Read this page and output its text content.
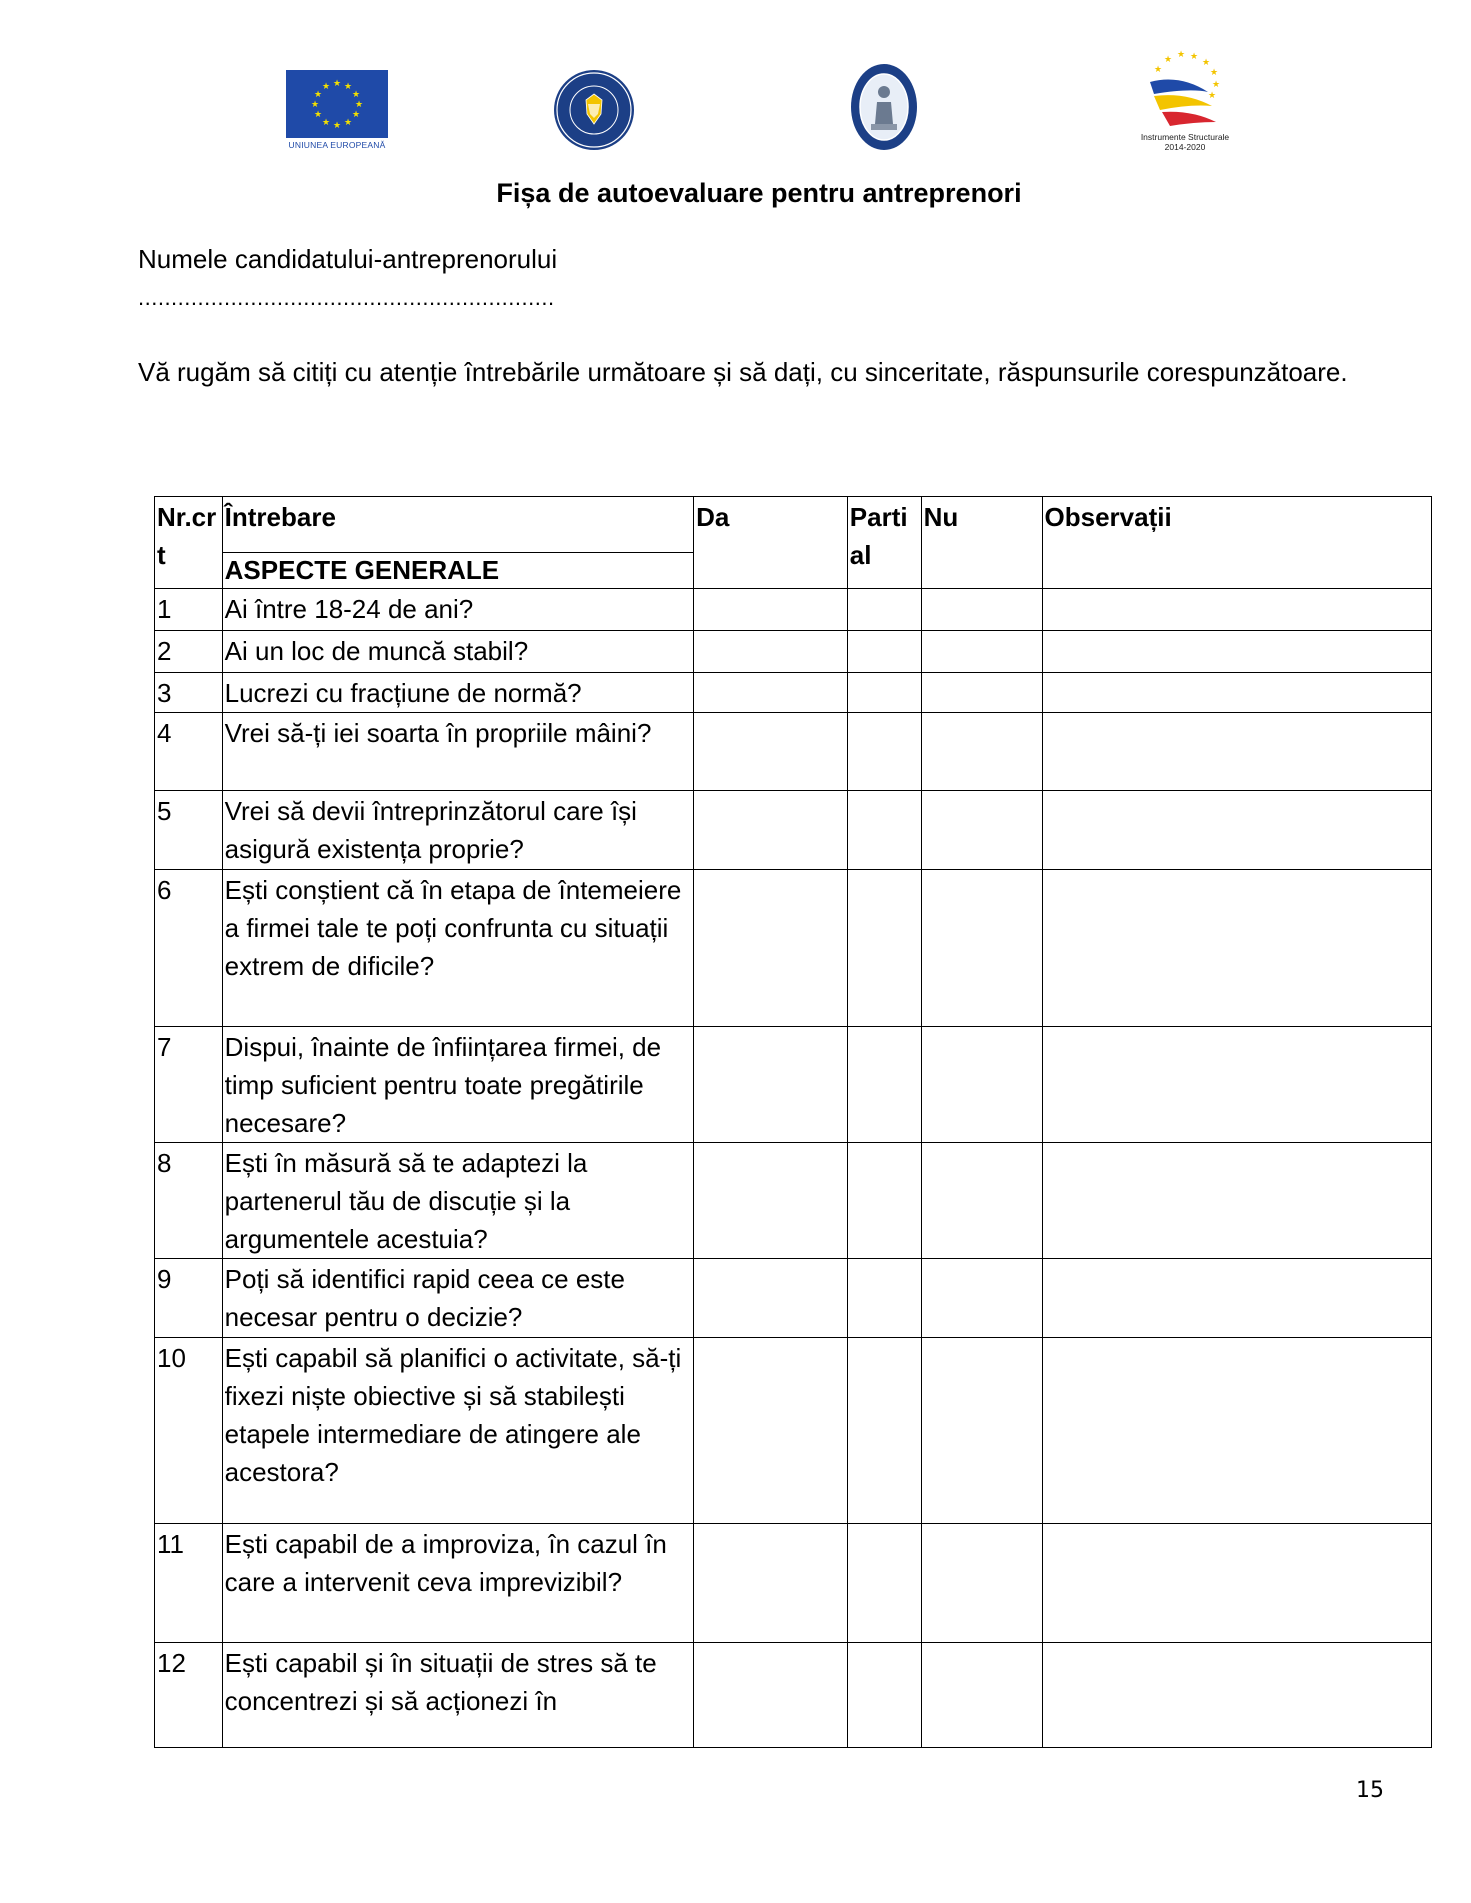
★ ★
★
★
★
★
★
★
★
★
★
★
UNIUNEA EUROPEANĂ
★
★ ★ ★
★
★
★
★
Instrumente Structurale
2014-2020
Fișa de autoevaluare pentru antreprenori
Numele candidatului-antreprenorului
...............................................................
Vă rugăm să citiți cu atenție întrebările următoare și să dați, cu sinceritate, răspunsurile corespunzătoare.
Nr.crt	Întrebare	Da	Partial	Nu	Observații
	ASPECTE GENERALE				
1	Ai între 18-24 de ani?				
2	Ai un loc de muncă stabil?				
3	Lucrezi cu fracțiune de normă?				
4	Vrei să-ți iei soarta în propriile mâini?				
5	Vrei să devii întreprinzătorul care își asigură existența proprie?				
6	Ești conștient că în etapa de întemeiere a firmei tale te poți confrunta cu situații extrem de dificile?				
7	Dispui, înainte de înființarea firmei, de timp suficient pentru toate pregătirile necesare?				
8	Ești în măsură să te adaptezi la partenerul tău de discuție și la argumentele acestuia?				
9	Poți să identifici rapid ceea ce este necesar pentru o decizie?				
10	Ești capabil să planifici o activitate, să-ți fixezi niște obiective și să stabilești etapele intermediare de atingere ale acestora?				
11	Ești capabil de a improviza, în cazul în care a intervenit ceva imprevizibil?				
12	Ești capabil și în situații de stres să te concentrezi și să acționezi în				
15
